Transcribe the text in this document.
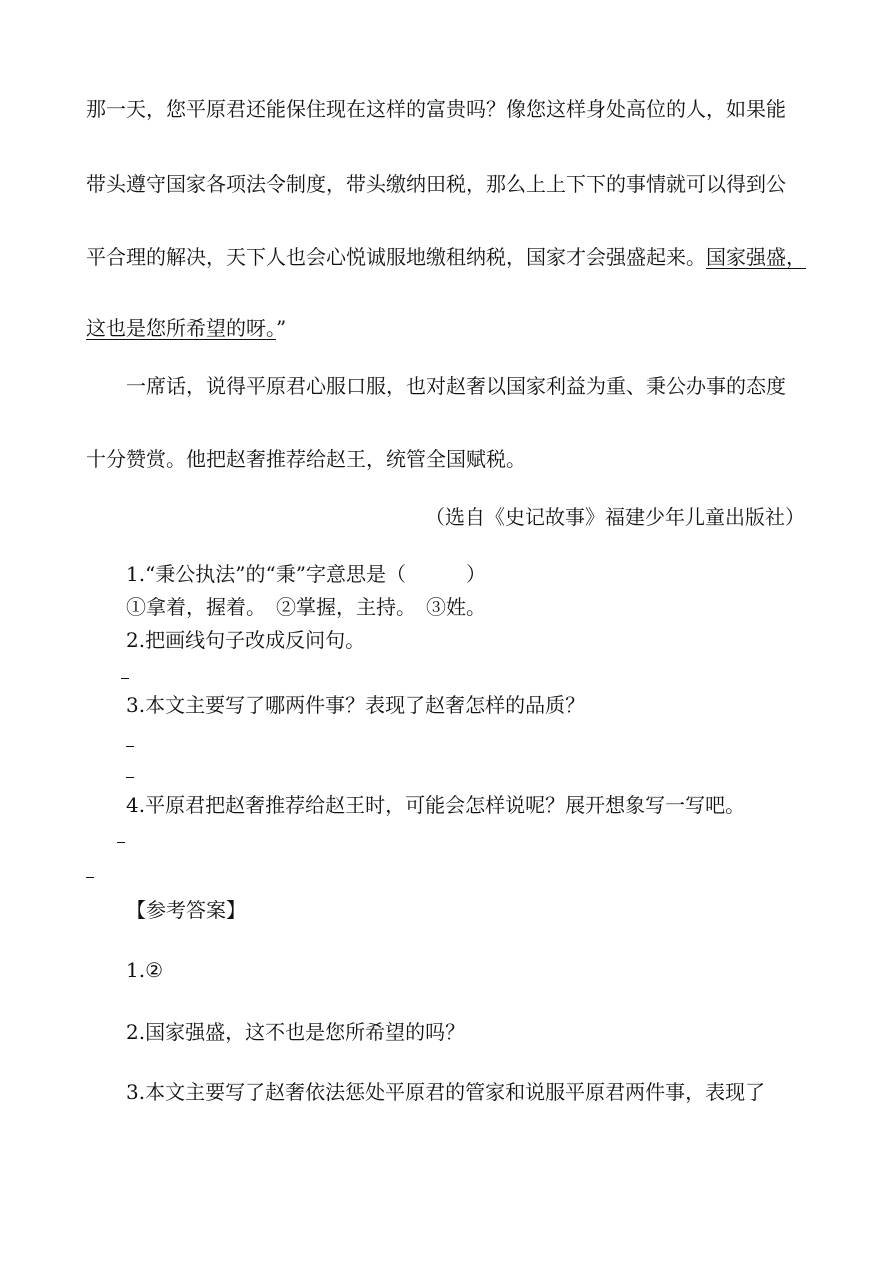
那一天，您平原君还能保住现在这样的富贵吗？像您这样身处高位的人，如果能
带头遵守国家各项法令制度，带头缴纳田税，那么上上下下的事情就可以得到公
平合理的解决，天下人也会心悦诚服地缴租纳税，国家才会强盛起来。国家强盛，
这也是您所希望的呀。”
一席话，说得平原君心服口服，也对赵奢以国家利益为重、秉公办事的态度
十分赞赏。他把赵奢推荐给赵王，统管全国赋税。
（选自《史记故事》福建少年儿童出版社）
1.“秉公执法”的“秉”字意思是（　　　）
①拿着，握着。　②掌握，主持。　③姓。
2.把画线句子改成反问句。
3.本文主要写了哪两件事？表现了赵奢怎样的品质？
4.平原君把赵奢推荐给赵王时，可能会怎样说呢？展开想象写一写吧。
【参考答案】
1.②
2.国家强盛，这不也是您所希望的吗？
3.本文主要写了赵奢依法惩处平原君的管家和说服平原君两件事，表现了
